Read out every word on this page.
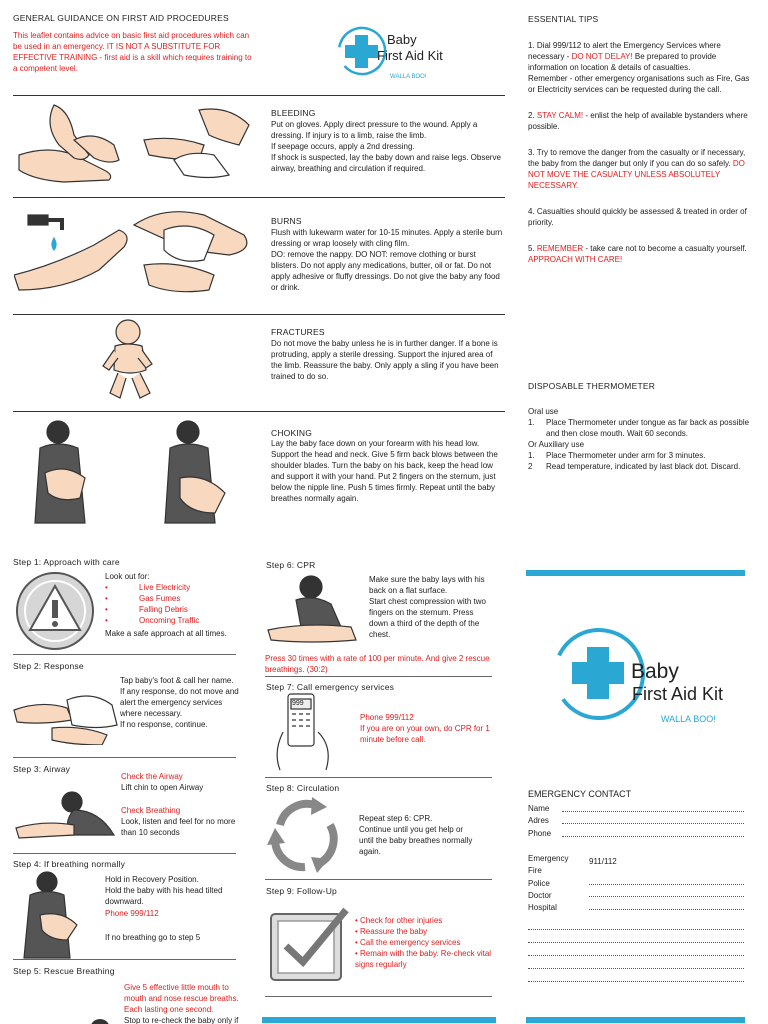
GENERAL GUIDANCE ON FIRST AID PROCEDURES
This leaflet contains advice on basic first aid procedures which can be used in an emergency. IT IS NOT A SUBSTITUTE FOR EFFECTIVE TRAINING - first aid is a skill which requires training to a competent level.
Baby
First Aid Kit
WALLA BOO!
BLEEDING
Put on gloves. Apply direct pressure to the wound. Apply a dressing. If injury is to a limb, raise the limb.
If seepage occurs, apply a 2nd dressing.
If shock is suspected, lay the baby down and raise legs. Observe airway, breathing and circulation if required.
BURNS
Flush with lukewarm water for 10-15 minutes. Apply a sterile burn dressing or wrap loosely with cling film.
DO: remove the nappy. DO NOT: remove clothing or burst blisters. Do not apply any medications, butter, oil or fat. Do not apply adhesive or fluffy dressings. Do not give the baby any food or drink.
FRACTURES
Do not move the baby unless he is in further danger. If a bone is protruding, apply a sterile dressing. Support the injured area of the limb. Reassure the baby. Only apply a sling if you have been trained to do so.
CHOKING
Lay the baby face down on your forearm with his head low. Support the head and neck. Give 5 firm back blows between the shoulder blades. Turn the baby on his back, keep the head low and support it with your hand. Put 2 fingers on the sternum, just below the nipple line. Push 5 times firmly. Repeat until the baby breathes normally again.
Step 1: Approach with care
Look out for:
• Live Electricity
• Gas Fumes
• Falling Debris
• Oncoming Traffic
Make a safe approach at all times.
Step 2: Response
Tap baby's foot & call her name.
If any response, do not move and alert the emergency services where necessary.
If no response, continue.
Step 3: Airway
Check the Airway
Lift chin to open Airway
Check Breathing
Look, listen and feel for no more than 10 seconds
Step 4: If breathing normally
Hold in Recovery Position.
Hold the baby with his head tilted downward.
Phone 999/112
If no breathing go to step 5
Step 5: Rescue Breathing
Give 5 effective little mouth to mouth and nose rescue breaths. Each lasting one second.
Stop to re-check the baby only if
Step 6: CPR
Make sure the baby lays with his back on a flat surface.
Start chest compression with two fingers on the sternum. Press down a third of the depth of the chest.
Press 30 times with a rate of 100 per minute. And give 2 rescue breathings. (30:2)
Step 7: Call emergency services
999
Phone 999/112
If you are on your own, do CPR for 1 minute before call.
Step 8: Circulation
Repeat step 6: CPR.
Continue until you get help or until the baby breathes normally again.
Step 9: Follow-Up
• Check for other injuries
• Reassure the baby
• Call the emergency services
• Remain with the baby. Re-check vital signs regularly
ESSENTIAL TIPS
1. Dial 999/112 to alert the Emergency Services where necessary - DO NOT DELAY! Be prepared to provide information on location & details of casualties.
Remember - other emergency organisations such as Fire, Gas or Electricity services can be requested during the call.
2. STAY CALM! - enlist the help of available bystanders where possible.
3. Try to remove the danger from the casualty or if necessary, the baby from the danger but only if you can do so safely. DO NOT MOVE THE CASUALTY UNLESS ABSOLUTELY NECESSARY.
4. Casualties should quickly be assessed & treated in order of priority.
5. REMEMBER - take care not to become a casualty yourself. APPROACH WITH CARE!
DISPOSABLE THERMOMETER
Oral use
1. Place Thermometer under tongue as far back as possible and then close mouth. Wait 60 seconds.
Or Auxiliary use
1. Place Thermometer under arm for 3 minutes.
2 Read temperature, indicated by last black dot. Discard.
Baby
First Aid Kit
WALLA BOO!
EMERGENCY CONTACT
Name
Adres
Phone
Emergency	911/112
Fire
Police
Doctor
Hospital
